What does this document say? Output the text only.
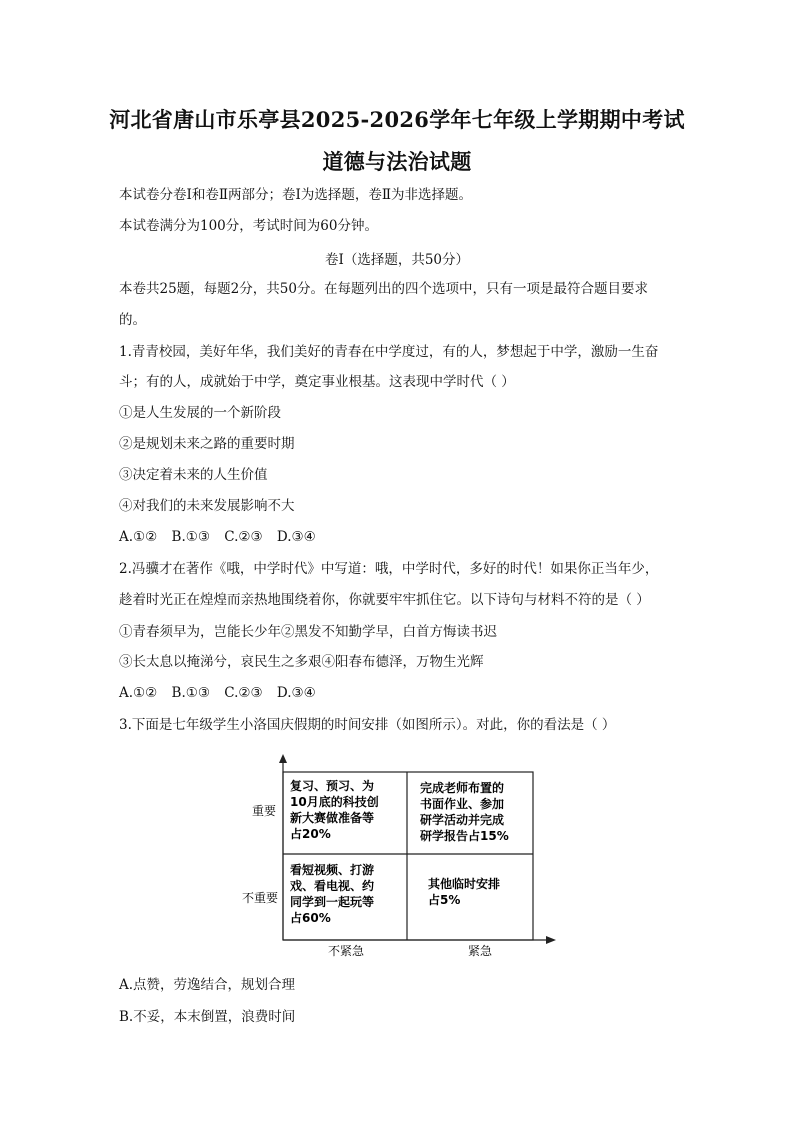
河北省唐山市乐亭县2025-2026学年七年级上学期期中考试
道德与法治试题
本试卷分卷Ⅰ和卷Ⅱ两部分；卷Ⅰ为选择题，卷Ⅱ为非选择题。
本试卷满分为100分，考试时间为60分钟。
卷Ⅰ（选择题，共50分）
本卷共25题，每题2分，共50分。在每题列出的四个选项中，只有一项是最符合题目要求
的。
1.青青校园，美好年华，我们美好的青春在中学度过，有的人，梦想起于中学，激励一生奋
斗；有的人，成就始于中学，奠定事业根基。这表现中学时代（ ）
①是人生发展的一个新阶段
②是规划未来之路的重要时期
③决定着未来的人生价值
④对我们的未来发展影响不大
A.①② B.①③ C.②③ D.③④
2.冯骥才在著作《哦，中学时代》中写道：哦，中学时代，多好的时代！如果你正当年少，
趁着时光正在煌煌而亲热地围绕着你，你就要牢牢抓住它。以下诗句与材料不符的是（ ）
①青春须早为，岂能长少年②黑发不知勤学早，白首方悔读书迟
③长太息以掩涕兮，哀民生之多艰④阳春布德泽，万物生光辉
A.①② B.①③ C.②③ D.③④
3.下面是七年级学生小洛国庆假期的时间安排（如图所示）。对此，你的看法是（ ）
重要
不重要
不紧急	紧急
复习、预习、为
10月底的科技创
新大赛做准备等
占20%
完成老师布置的
书面作业、参加
研学活动并完成
研学报告占15%
看短视频、打游
戏、看电视、约
同学到一起玩等
占60%
其他临时安排
占5%
A.点赞，劳逸结合，规划合理
B.不妥，本末倒置，浪费时间
